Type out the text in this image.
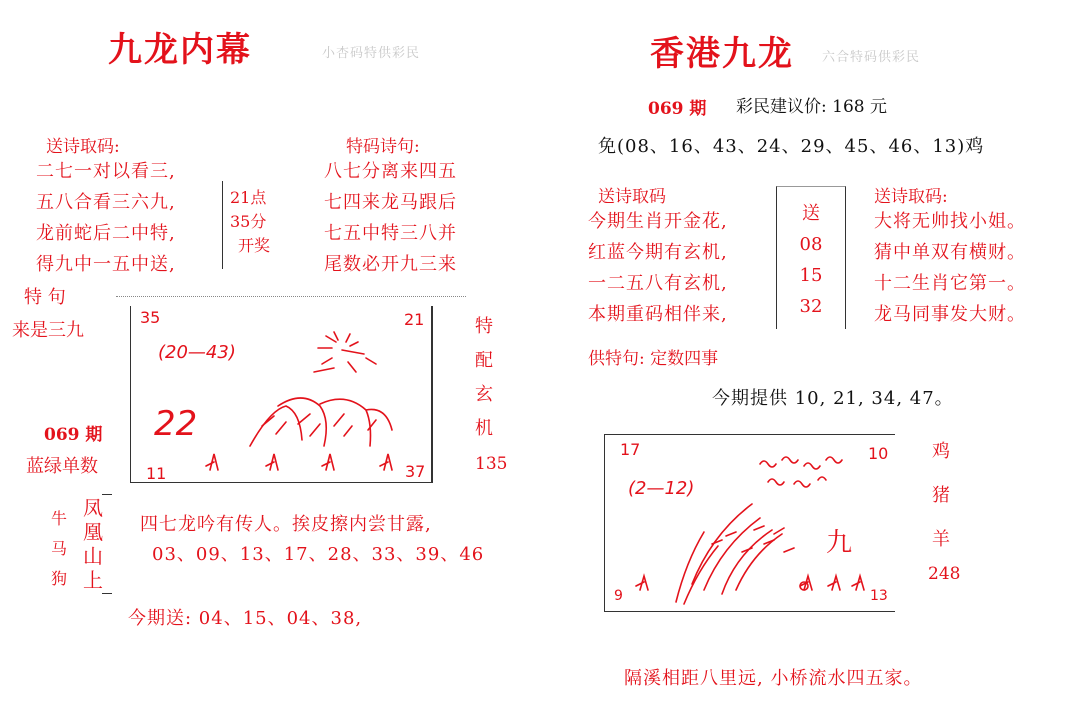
九龙内幕	小杏码特供彩民
送诗取码:
二七一对以看三,
五八合看三六九,
龙前蛇后二中特,
得九中一五中送,
21点
35分
开奖
特码诗句:
八七分离来四五
七四来龙马跟后
七五中特三八并
尾数必开九三来
特 句
来是三九
069 期
蓝绿单数
35	21
11	37
(20—43)
22
特
配
玄
机
135
牛
马
狗
凤
凰
山
上
四七龙吟有传人。挨皮擦内尝甘露,
03、09、13、17、28、33、39、46
今期送: 04、15、04、38,
香港九龙 六合特码供彩民
069 期 彩民建议价: 168 元
免(08、16、43、24、29、45、46、13)鸡
送诗取码
今期生肖开金花,
红蓝今期有玄机,
一二五八有玄机,
本期重码相伴来,
送
08
15
32
送诗取码:
大将无帅找小姐。
猜中单双有横财。
十二生肖它第一。
龙马同事发大财。
供特句: 定数四事
今期提供 10, 21, 34, 47。
17	10
9	13
(2—12)
九
鸡
猪
羊
248
隔溪相距八里远, 小桥流水四五家。
